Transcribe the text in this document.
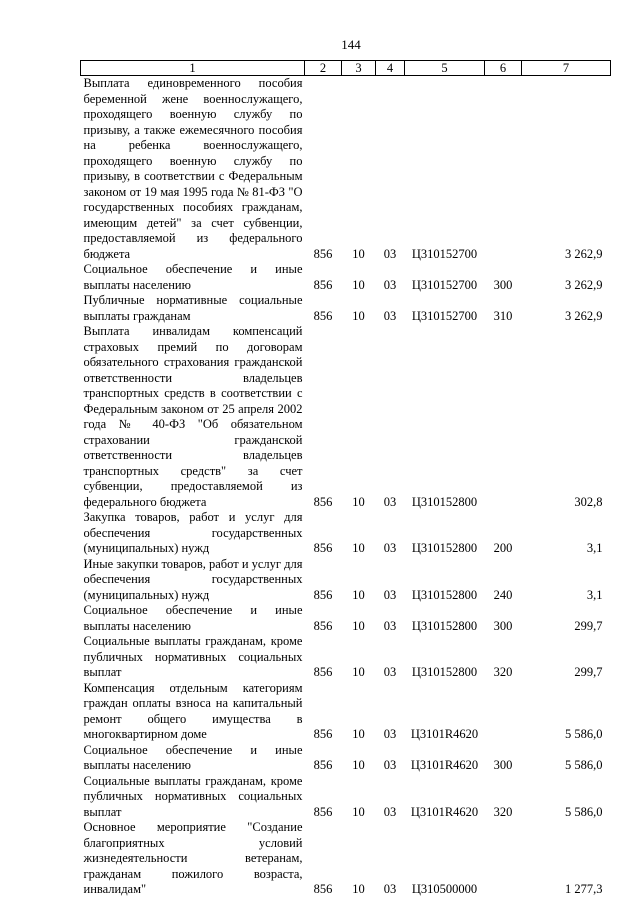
144
1	2	3	4	5	6	7
Выплата единовременного пособия беременной жене военнослужащего, проходящего военную службу по призыву, а также ежемесячного пособия на ребенка военнослужащего, проходящего военную службу по призыву, в соответствии с Федеральным законом от 19 мая 1995 года № 81-ФЗ "О государственных пособиях гражданам, имеющим детей" за счет субвенции, предоставляемой из федерального бюджета	856	10	03	Ц310152700		3 262,9
Социальное обеспечение и иные выплаты населению	856	10	03	Ц310152700	300	3 262,9
Публичные нормативные социальные выплаты гражданам	856	10	03	Ц310152700	310	3 262,9
Выплата инвалидам компенсаций страховых премий по договорам обязательного страхования гражданской ответственности владельцев транспортных средств в соответствии с Федеральным законом от 25 апреля 2002 года № 40-ФЗ "Об обязательном страховании гражданской ответственности владельцев транспортных средств" за счет субвенции, предоставляемой из федерального бюджета	856	10	03	Ц310152800		302,8
Закупка товаров, работ и услуг для обеспечения государственных (муниципальных) нужд	856	10	03	Ц310152800	200	3,1
Иные закупки товаров, работ и услуг для обеспечения государственных (муниципальных) нужд	856	10	03	Ц310152800	240	3,1
Социальное обеспечение и иные выплаты населению	856	10	03	Ц310152800	300	299,7
Социальные выплаты гражданам, кроме публичных нормативных социальных выплат	856	10	03	Ц310152800	320	299,7
Компенсация отдельным категориям граждан оплаты взноса на капитальный ремонт общего имущества в многоквартирном доме	856	10	03	Ц3101R4620		5 586,0
Социальное обеспечение и иные выплаты населению	856	10	03	Ц3101R4620	300	5 586,0
Социальные выплаты гражданам, кроме публичных нормативных социальных выплат	856	10	03	Ц3101R4620	320	5 586,0
Основное мероприятие "Создание благоприятных условий жизнедеятельности ветеранам, гражданам пожилого возраста, инвалидам"	856	10	03	Ц310500000		1 277,3
